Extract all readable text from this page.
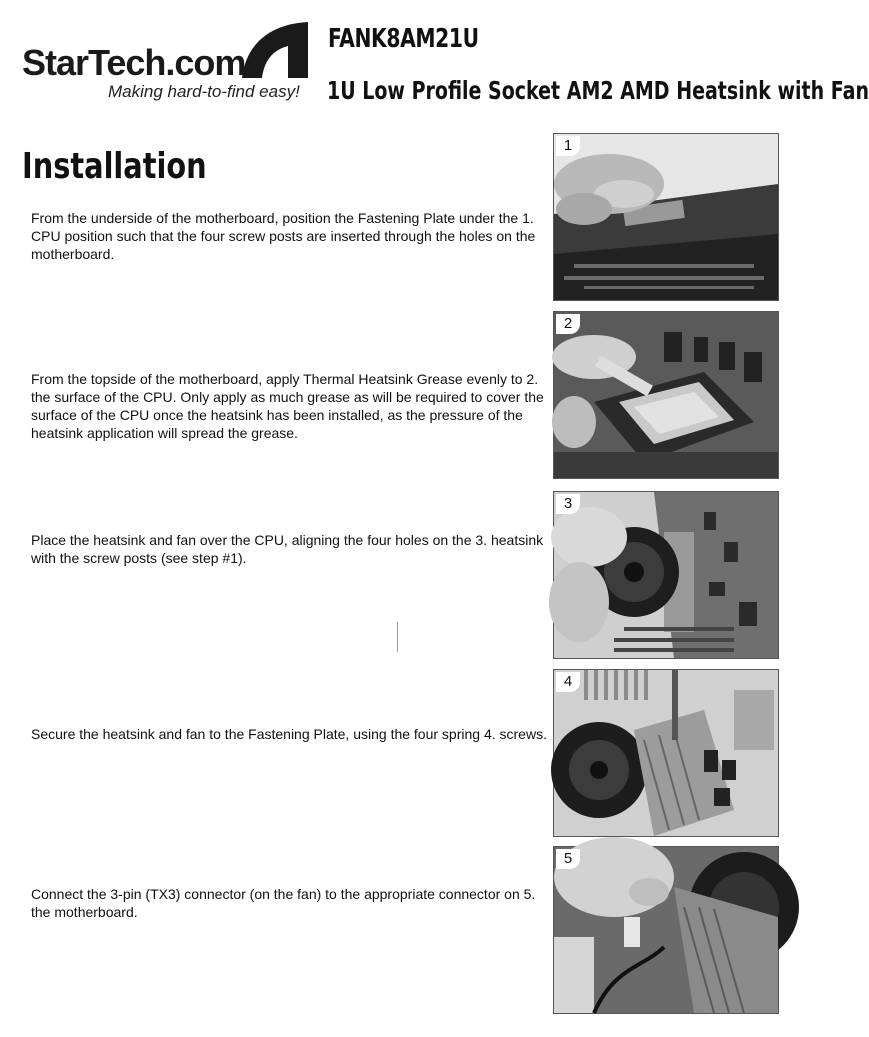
StarTech.com
Making hard-to-find easy!
FANK8AM21U
1U Low Profile Socket AM2 AMD Heatsink with Fan
Installation
From the underside of the motherboard, position the Fastening Plate under the 1. CPU position such that the four screw posts are inserted through the holes on the motherboard.
From the topside of the motherboard, apply Thermal Heatsink Grease evenly to 2. the surface of the CPU. Only apply as much grease as will be required to cover the surface of the CPU once the heatsink has been installed, as the pressure of the heatsink application will spread the grease.
Place the heatsink and fan over the CPU, aligning the four holes on the 3. heatsink with the screw posts (see step #1).
Secure the heatsink and fan to the Fastening Plate, using the four spring 4. screws.
Connect the 3-pin (TX3) connector (on the fan) to the appropriate connector on 5. the motherboard.
1
2
3
4
5
